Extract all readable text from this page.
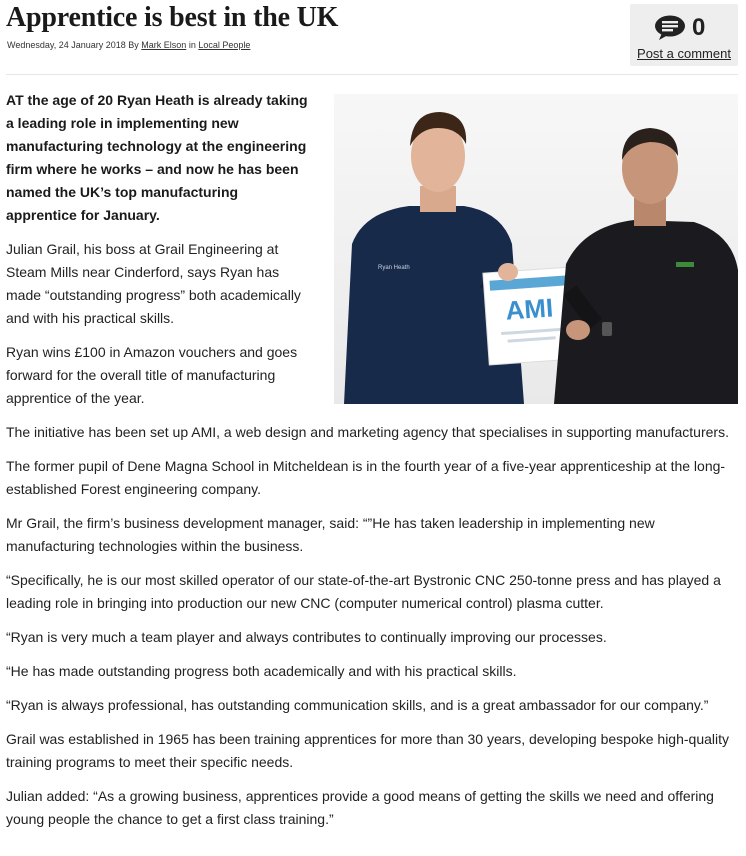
Apprentice is best in the UK
Wednesday, 24 January 2018 By Mark Elson in Local People
0
Post a comment
Ryan Heath
AMI

AT the age of 20 Ryan Heath is already taking a leading role in implementing new manufacturing technology at the engineering firm where he works – and now he has been named the UK’s top manufacturing apprentice for January.

Julian Grail, his boss at Grail Engineering at Steam Mills near Cinderford, says Ryan has made “outstanding progress” both academically and with his practical skills.

Ryan wins £100 in Amazon vouchers and goes forward for the overall title of manufacturing apprentice of the year.

The initiative has been set up AMI, a web design and marketing agency that specialises in supporting manufacturers.

The former pupil of Dene Magna School in Mitcheldean is in the fourth year of a five-year apprenticeship at the long-established Forest engineering company.

Mr Grail, the firm’s business development manager, said: “”He has taken leadership in implementing new manufacturing technologies within the business.

“Specifically, he is our most skilled operator of our state-of-the-art Bystronic CNC 250-tonne press and has played a leading role in bringing into production our new CNC (computer numerical control) plasma cutter.

“Ryan is very much a team player and always contributes to continually improving our processes.

“He has made outstanding progress both academically and with his practical skills.

“Ryan is always professional, has outstanding communication skills, and is a great ambassador for our company.”

Grail was established in 1965 has been training apprentices for more than 30 years, developing bespoke high-quality training programs to meet their specific needs.

Julian added: “As a growing business, apprentices provide a good means of getting the skills we need and offering young people the chance to get a first class training.”
